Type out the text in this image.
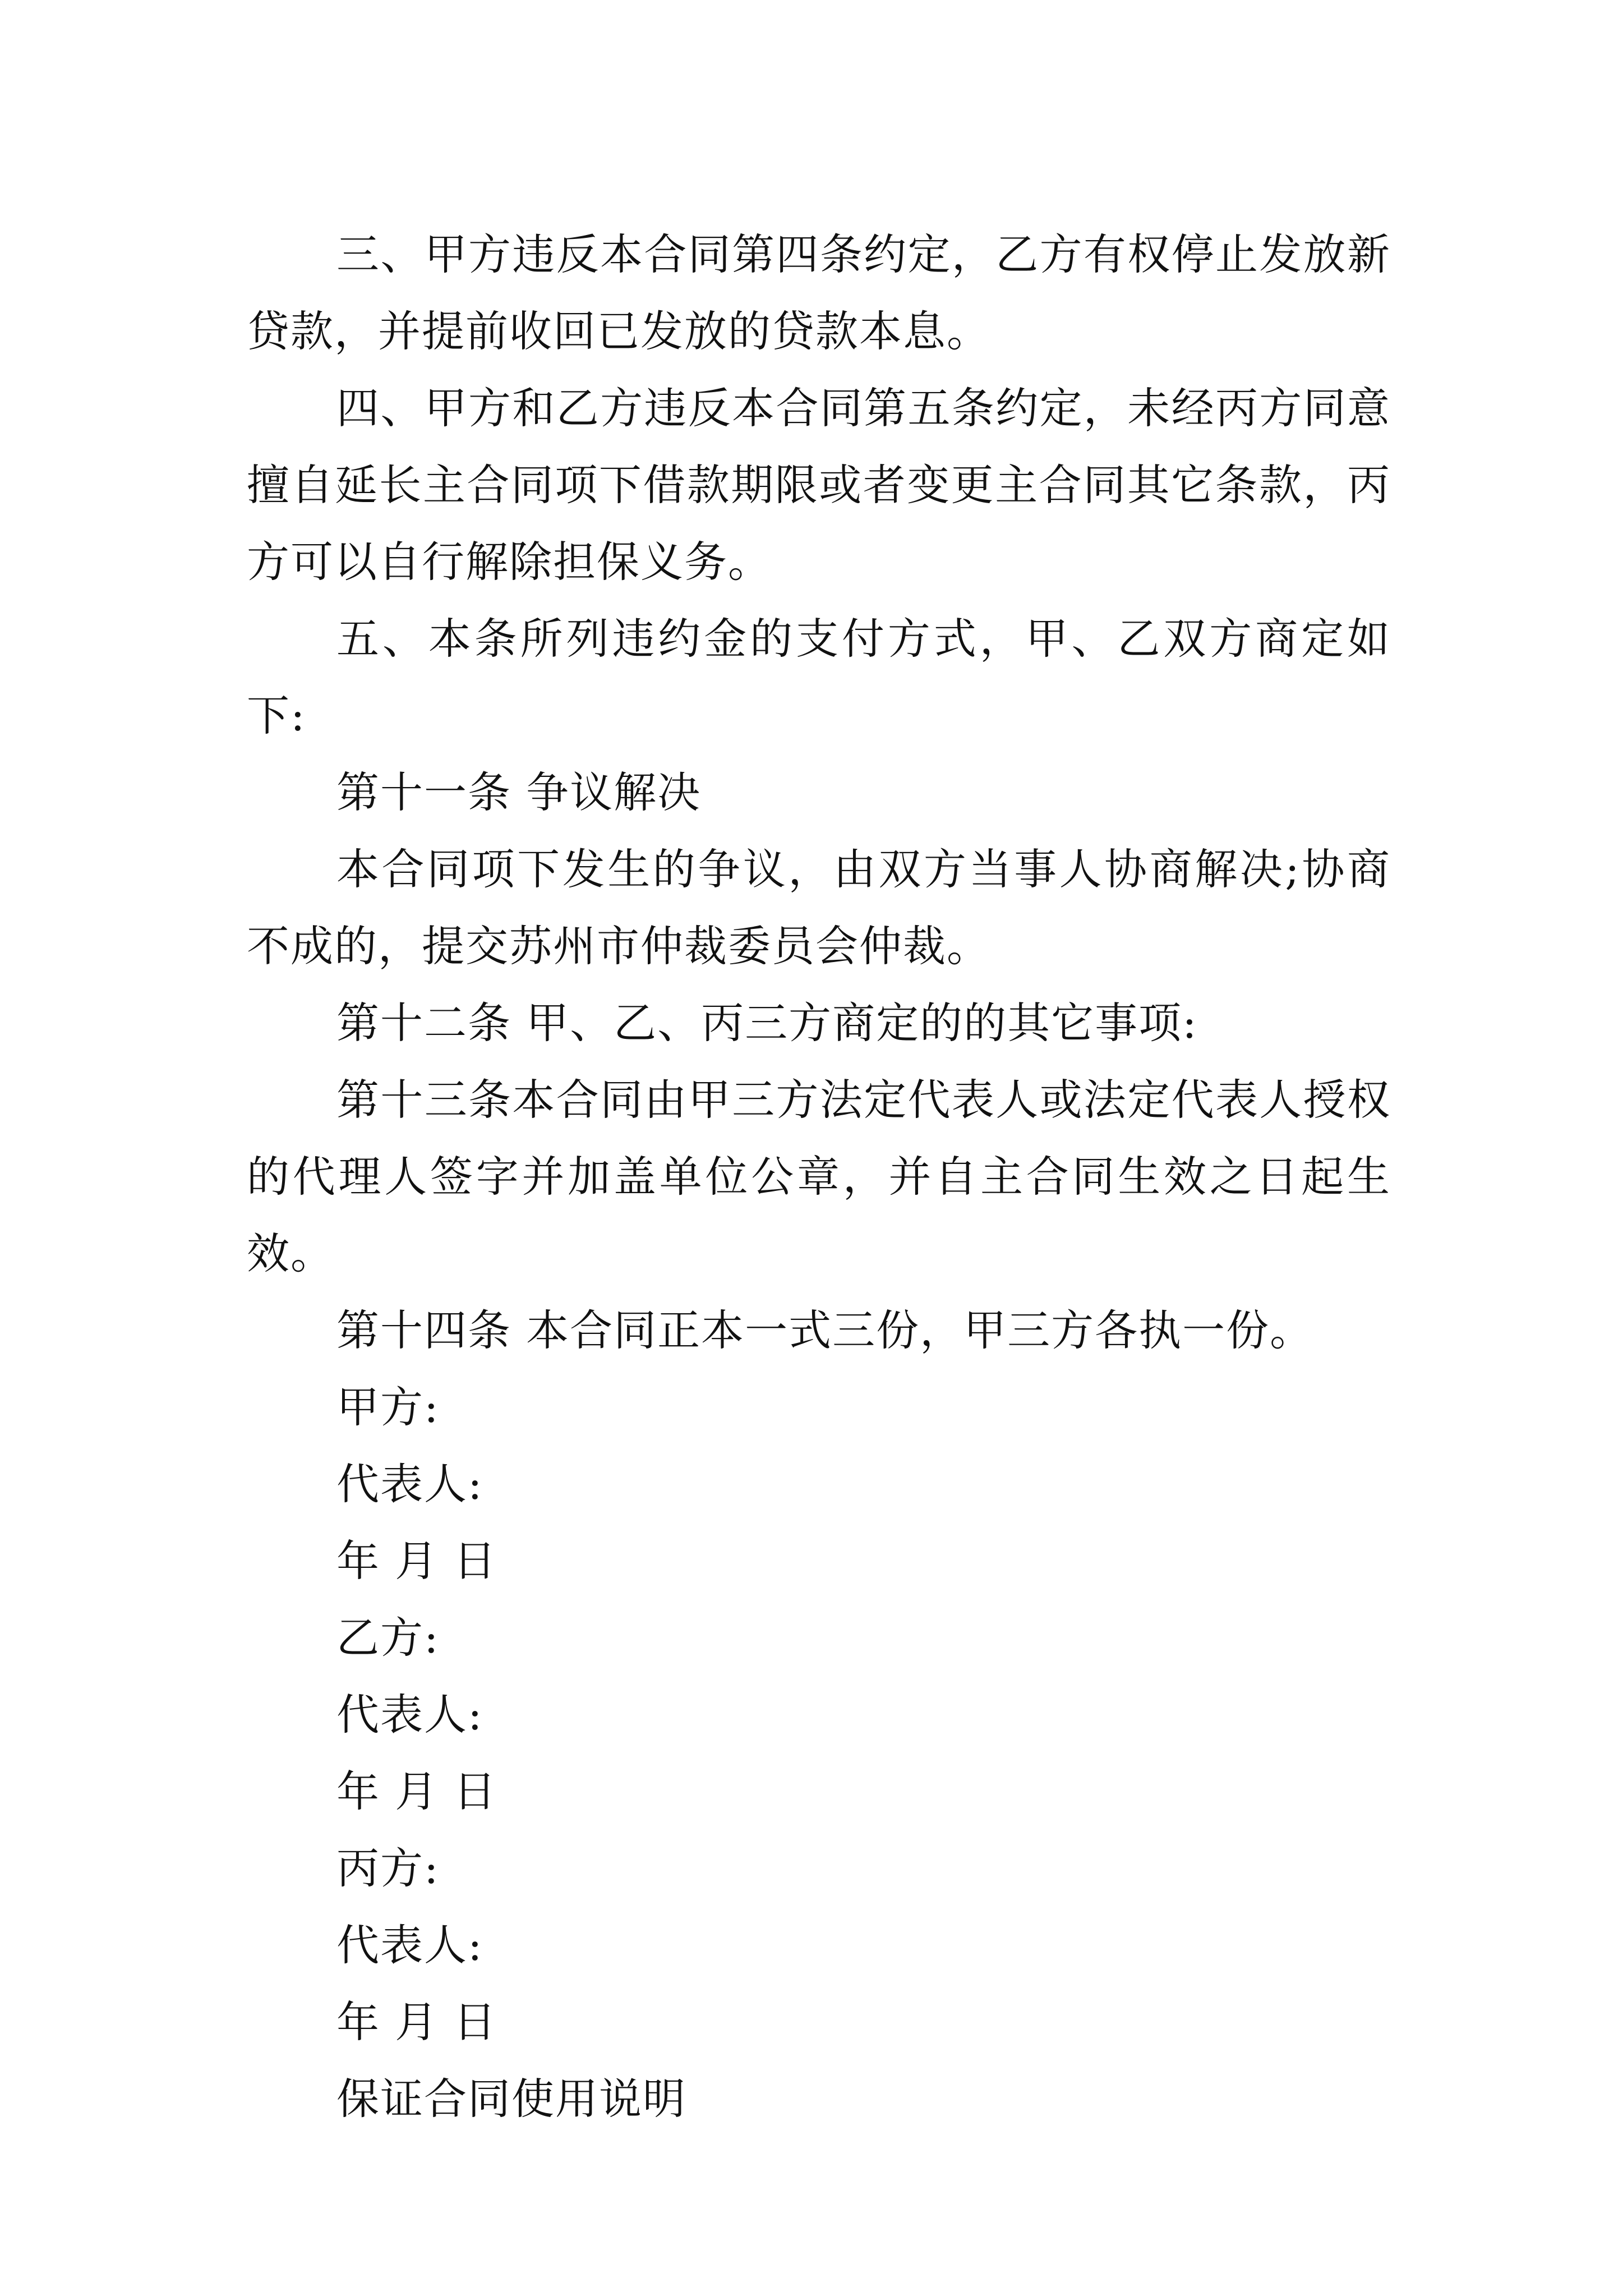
三、甲方违反本合同第四条约定，乙方有权停止发放新贷款，并提前收回已发放的贷款本息。

四、甲方和乙方违反本合同第五条约定，未经丙方同意擅自延长主合同项下借款期限或者变更主合同其它条款，丙方可以自行解除担保义务。

五、本条所列违约金的支付方式，甲、乙双方商定如下:

第十一条 争议解决

本合同项下发生的争议，由双方当事人协商解决;协商不成的，提交苏州市仲裁委员会仲裁。

第十二条 甲、乙、丙三方商定的的其它事项:

第十三条本合同由甲三方法定代表人或法定代表人授权的代理人签字并加盖单位公章，并自主合同生效之日起生效。

第十四条 本合同正本一式三份，甲三方各执一份。

甲方:

代表人:

年 月 日

乙方:

代表人:

年 月 日

丙方:

代表人:

年 月 日

保证合同使用说明
